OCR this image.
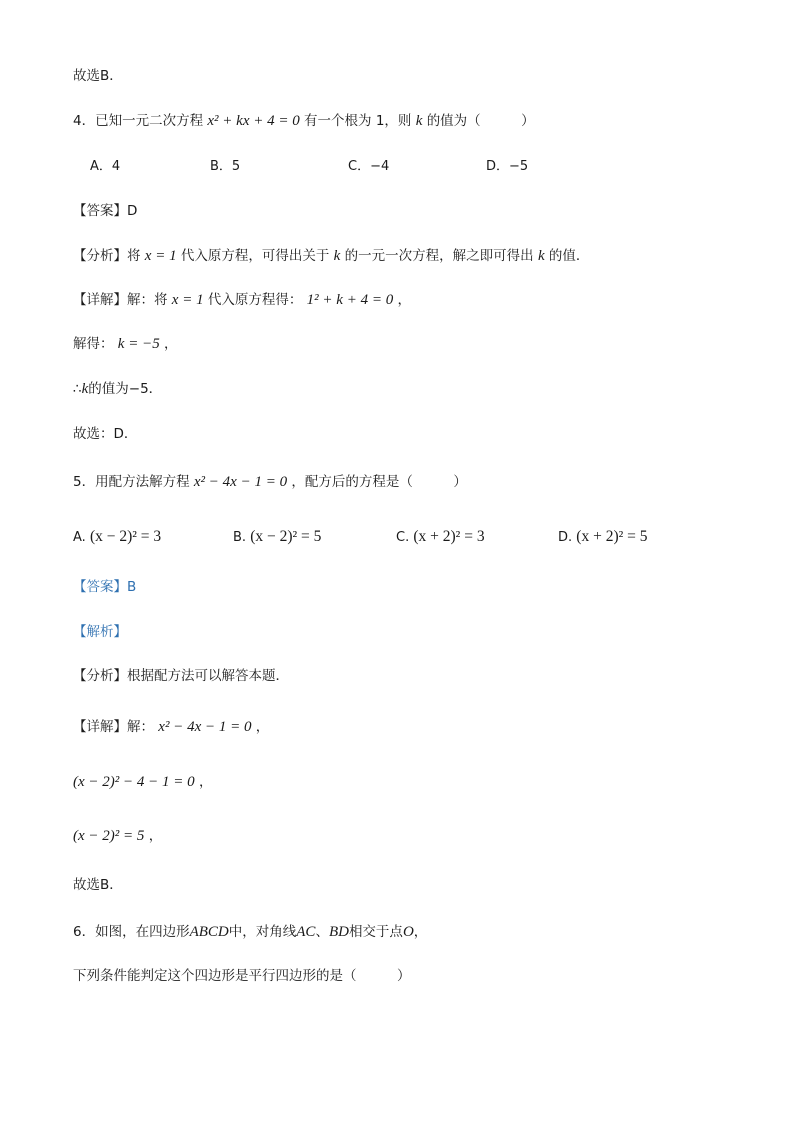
故选B．
4．已知一元二次方程 x² + kx + 4 = 0 有一个根为 1，则 k 的值为（　　　）
A．4	B．5	C．−4	D．−5
【答案】D
【分析】将 x = 1 代入原方程，可得出关于 k 的一元一次方程，解之即可得出 k 的值．
【详解】解：将 x = 1 代入原方程得： 1² + k + 4 = 0 ，
解得： k = −5 ，
∴k的值为−5．
故选：D．
5．用配方法解方程 x² − 4x − 1 = 0 ，配方后的方程是（　　　）
A. (x − 2)² = 3	B. (x − 2)² = 5	C. (x + 2)² = 3	D. (x + 2)² = 5
【答案】B
【解析】
【分析】根据配方法可以解答本题．
【详解】解： x² − 4x − 1 = 0 ，
(x − 2)² − 4 − 1 = 0 ，
(x − 2)² = 5 ，
故选B．
6．如图，在四边形ABCD中，对角线AC、BD相交于点O，
下列条件能判定这个四边形是平行四边形的是（　　　）
